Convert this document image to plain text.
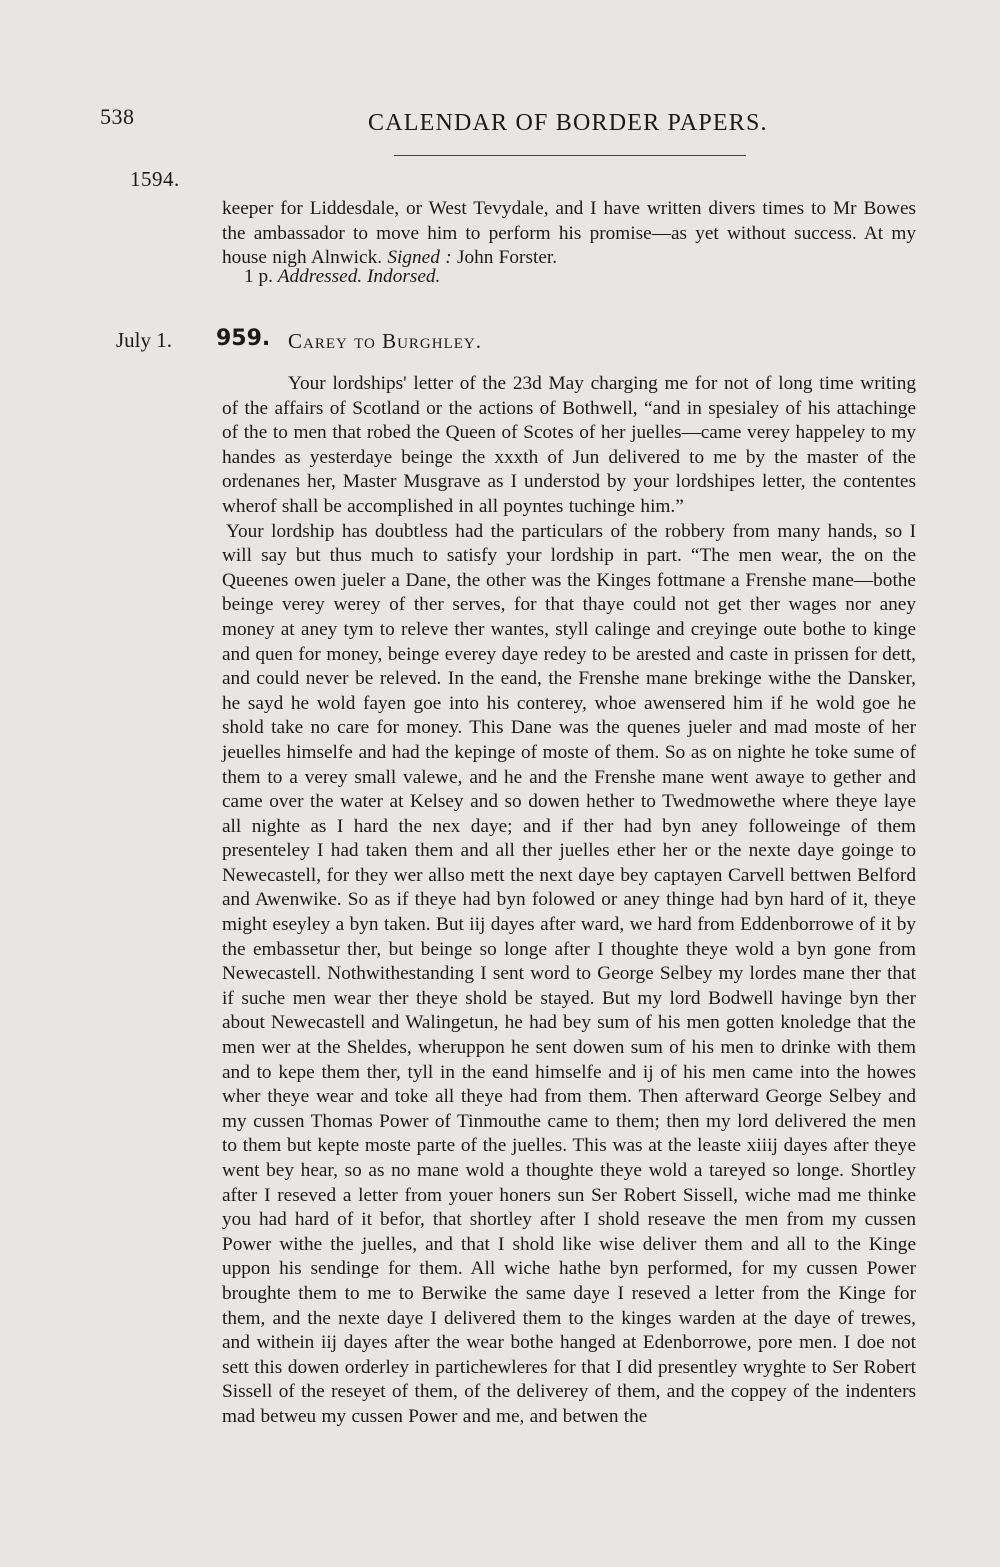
538	CALENDAR OF BORDER PAPERS.
1594.

keeper for Liddesdale, or West Tevydale, and I have written divers times to Mr Bowes the ambassador to move him to perform his promise—as yet without success. At my house nigh Alnwick. Signed : John Forster.

1 p. Addressed. Indorsed.
July 1. 959. Carey to Burghley.

Your lordships' letter of the 23d May charging me for not of long time writing of the affairs of Scotland or the actions of Bothwell, “and in spesialey of his attachinge of the to men that robed the Queen of Scotes of her juelles—came verey happeley to my handes as yesterdaye beinge the xxxth of Jun delivered to me by the master of the ordenanes her, Master Musgrave as I understod by your lordshipes letter, the contentes wherof shall be accomplished in all poyntes tuchinge him.”

Your lordship has doubtless had the particulars of the robbery from many hands, so I will say but thus much to satisfy your lordship in part. “The men wear, the on the Queenes owen jueler a Dane, the other was the Kinges fottmane a Frenshe mane—bothe beinge verey werey of ther serves, for that thaye could not get ther wages nor aney money at aney tym to releve ther wantes, styll calinge and creyinge oute bothe to kinge and quen for money, beinge everey daye redey to be arested and caste in prissen for dett, and could never be releved. In the eand, the Frenshe mane brekinge withe the Dansker, he sayd he wold fayen goe into his conterey, whoe awensered him if he wold goe he shold take no care for money. This Dane was the quenes jueler and mad moste of her jeuelles himselfe and had the kepinge of moste of them. So as on nighte he toke sume of them to a verey small valewe, and he and the Frenshe mane went awaye to gether and came over the water at Kelsey and so dowen hether to Twedmowethe where theye laye all nighte as I hard the nex daye; and if ther had byn aney followeinge of them presenteley I had taken them and all ther juelles ether her or the nexte daye goinge to Newecastell, for they wer allso mett the next daye bey captayen Carvell bettwen Belford and Awenwike. So as if theye had byn folowed or aney thinge had byn hard of it, theye might eseyley a byn taken. But iij dayes after ward, we hard from Eddenborrowe of it by the embassetur ther, but beinge so longe after I thoughte theye wold a byn gone from Newecastell. Nothwithestanding I sent word to George Selbey my lordes mane ther that if suche men wear ther theye shold be stayed. But my lord Bodwell havinge byn ther about Newecastell and Walingetun, he had bey sum of his men gotten knoledge that the men wer at the Sheldes, wheruppon he sent dowen sum of his men to drinke with them and to kepe them ther, tyll in the eand himselfe and ij of his men came into the howes wher theye wear and toke all theye had from them. Then afterward George Selbey and my cussen Thomas Power of Tinmouthe came to them; then my lord delivered the men to them but kepte moste parte of the juelles. This was at the leaste xiiij dayes after theye went bey hear, so as no mane wold a thoughte theye wold a tareyed so longe. Shortley after I reseved a letter from youer honers sun Ser Robert Sissell, wiche mad me thinke you had hard of it befor, that shortley after I shold reseave the men from my cussen Power withe the juelles, and that I shold like wise deliver them and all to the Kinge uppon his sendinge for them. All wiche hathe byn performed, for my cussen Power broughte them to me to Berwike the same daye I reseved a letter from the Kinge for them, and the nexte daye I delivered them to the kinges warden at the daye of trewes, and withein iij dayes after the wear bothe hanged at Edenborrowe, pore men. I doe not sett this dowen orderley in partichewleres for that I did presentley wryghte to Ser Robert Sissell of the reseyet of them, of the deliverey of them, and the coppey of the indenters mad betweu my cussen Power and me, and betwen the
